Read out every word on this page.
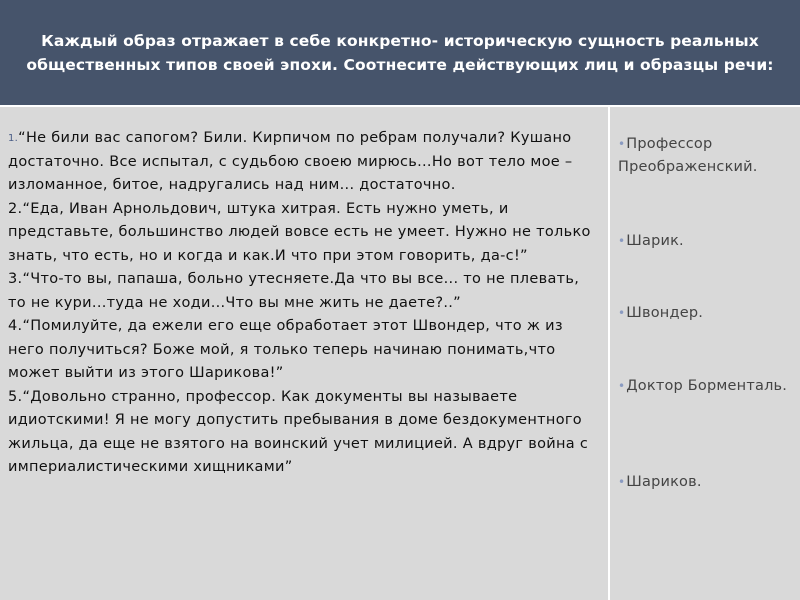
Каждый образ отражает в себе конкретно- историческую сущность реальных общественных типов своей эпохи. Соотнесите действующих лиц и образцы речи:

1.“Не били вас сапогом? Били. Кирпичом по ребрам получали? Кушано достаточно. Все испытал, с судьбою своею мирюсь...Но вот тело мое – изломанное, битое, надругались над ним... достаточно.

2.“Еда, Иван Арнольдович, штука хитрая. Есть нужно уметь, и представьте, большинство людей вовсе есть не умеет. Нужно не только знать, что есть, но и когда и как.И что при этом говорить, да-с!”

3.“Что-то вы, папаша, больно утесняете.Да что вы все... то не плевать, то не кури...туда не ходи...Что вы мне жить не даете?..”

4.“Помилуйте, да ежели его еще обработает этот Швондер, что ж из него получиться? Боже мой, я только теперь начинаю понимать,что может выйти из этого Шарикова!”

5.“Довольно странно, профессор. Как документы вы называете идиотскими! Я не могу допустить пребывания в доме бездокументного жильца, да еще не взятого на воинский учет милицией. А вдруг война с империалистическими хищниками”

•Профессор Преображенский.
•Шарик.
•Швондер.
•Доктор Борменталь.
•Шариков.
